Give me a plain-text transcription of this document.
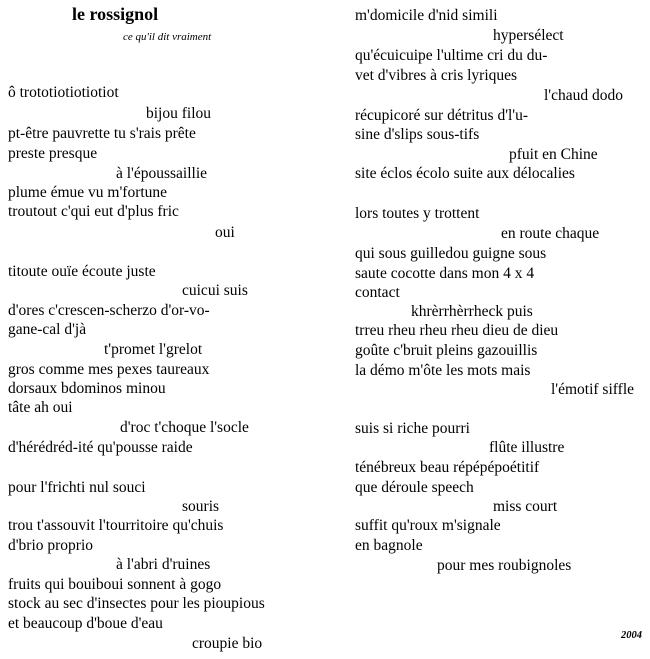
le rossignol
ce qu'il dit vraiment
ô trototiotiotiotiot
bijou filou
pt-être pauvrette tu s'rais prête
preste presque
à l'époussaillie
plume émue vu m'fortune
troutout c'qui eut d'plus fric
oui
titoute ouïe écoute juste
cuicui suis
d'ores c'crescen-scherzo d'or-vo-
gane-cal d'jà
t'promet l'grelot
gros comme mes pexes taureaux
dorsaux bdominos minou
tâte ah oui
d'roc t'choque l'socle
d'hérédréd-ité qu'pousse raide
pour l'frichti nul souci
souris
trou t'assouvit l'tourritoire qu'chuis
d'brio proprio
à l'abri d'ruines
fruits qui bouiboui sonnent à gogo
stock au sec d'insectes pour les pioupious
et beaucoup d'boue d'eau
croupie bio
m'domicile d'nid simili
hypersélect
qu'écuicuipe l'ultime cri du du-
vet d'vibres à cris lyriques
l'chaud dodo
récupicoré sur détritus d'l'u-
sine d'slips sous-tifs
pfuit en Chine
site éclos écolo suite aux délocalies
lors toutes y trottent
en route chaque
qui sous guilledou guigne sous
saute cocotte dans mon 4 x 4
contact
khrèrrhèrrheck puis
trreu rheu rheu rheu dieu de dieu
goûte c'bruit pleins gazouillis
la démo m'ôte les mots mais
l'émotif siffle
suis si riche pourri
flûte illustre
ténébreux beau répépépoétitif
que déroule speech
miss court
suffit qu'roux m'signale
en bagnole
pour mes roubignoles
2004
